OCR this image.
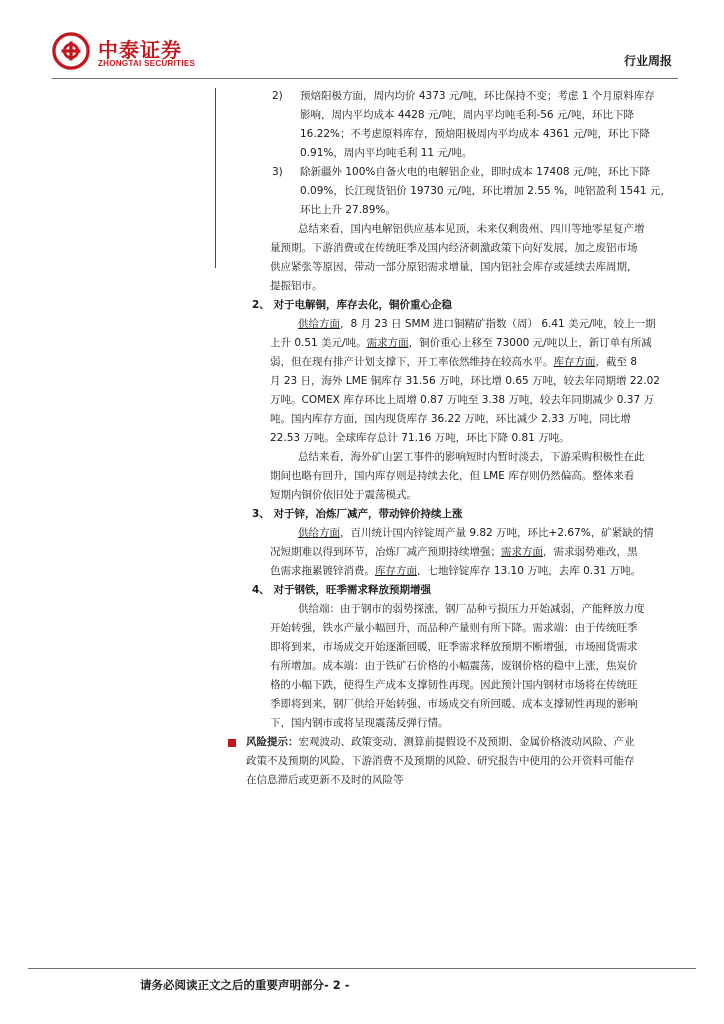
中泰证券
ZHONGTAI SECURITIES	行业周报
2) 预焙阳极方面，周内均价 4373 元/吨，环比保持不变；考虑 1 个月原料库存
影响，周内平均成本 4428 元/吨，周内平均吨毛利-56 元/吨，环比下降
16.22%；不考虑原料库存，预焙阳极周内平均成本 4361 元/吨，环比下降
0.91%，周内平均吨毛利 11 元/吨。
3) 除新疆外 100%自备火电的电解铝企业，即时成本 17408 元/吨，环比下降
0.09%，长江现货铝价 19730 元/吨，环比增加 2.55 %，吨铝盈利 1541 元，
环比上升 27.89%。
总结来看，国内电解铝供应基本见顶，未来仅剩贵州、四川等地零星复产增
量预期。下游消费或在传统旺季及国内经济刺激政策下向好发展，加之废铝市场
供应紧张等原因，带动一部分原铝需求增量，国内铝社会库存或延续去库周期，
提振铝市。
2、 对于电解铜，库存去化，铜价重心企稳
供给方面，8 月 23 日 SMM 进口铜精矿指数（周） 6.41 美元/吨，较上一期
上升 0.51 美元/吨。需求方面，铜价重心上移至 73000 元/吨以上，新订单有所减
弱，但在现有排产计划支撑下，开工率依然维持在较高水平。库存方面，截至 8
月 23 日，海外 LME 铜库存 31.56 万吨，环比增 0.65 万吨，较去年同期增 22.02
万吨。COMEX 库存环比上周增 0.87 万吨至 3.38 万吨，较去年同期减少 0.37 万
吨。国内库存方面，国内现货库存 36.22 万吨，环比减少 2.33 万吨，同比增
22.53 万吨。全球库存总计 71.16 万吨，环比下降 0.81 万吨。
总结来看，海外矿山罢工事件的影响短时内暂时淡去，下游采购积极性在此
期间也略有回升，国内库存则是持续去化，但 LME 库存则仍然偏高。整体来看
短期内铜价依旧处于震荡模式。
3、 对于锌，冶炼厂减产，带动锌价持续上涨
供给方面，百川统计国内锌锭周产量 9.82 万吨，环比+2.67%，矿紧缺的情
况短期难以得到环节，冶炼厂减产预期持续增强；需求方面，需求弱势难改，黑
色需求拖累镀锌消费。库存方面，七地锌锭库存 13.10 万吨，去库 0.31 万吨。
4、 对于钢铁，旺季需求释放预期增强
供给端：由于钢市的弱势探涨，钢厂品种亏损压力开始减弱，产能释放力度
开始转强，铁水产量小幅回升，而品种产量则有所下降。需求端：由于传统旺季
即将到来，市场成交开始逐渐回暖，旺季需求释放预期不断增强，市场囤货需求
有所增加。成本端：由于铁矿石价格的小幅震荡，废钢价格的稳中上涨，焦炭价
格的小幅下跌，使得生产成本支撑韧性再现。因此预计国内钢材市场将在传统旺
季即将到来，钢厂供给开始转强、市场成交有所回暖、成本支撑韧性再现的影响
下，国内钢市或将呈现震荡反弹行情。
风险提示：宏观波动、政策变动、测算前提假设不及预期、金属价格波动风险、产业
政策不及预期的风险、下游消费不及预期的风险、研究报告中使用的公开资料可能存
在信息滞后或更新不及时的风险等
请务必阅读正文之后的重要声明部分- 2 -
